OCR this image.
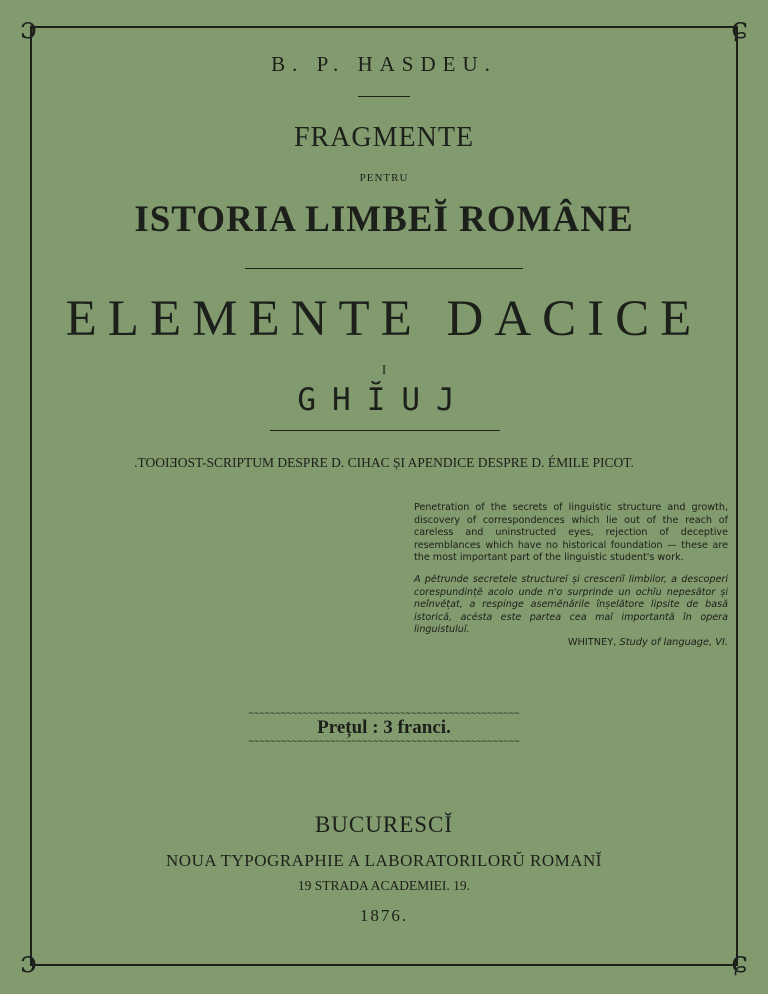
ɔ	ɕ
ɔ	ɕ
B. P. HASDEU.
FRAGMENTE
PENTRU
ISTORIA LIMBEĬ ROMÂNE
ELEMENTE DACICE
I
GHĬUJ
.TOOIƎOST-SCRIPTUM DESPRE D. CIHAC ȘI APENDICE DESPRE D. ÉMILE PICOT.
Penetration of the secrets of linguistic structure and growth, discovery of correspondences which lie out of the reach of careless and uninstructed eyes, rejection of deceptive resemblances which have no historical foundation — these are the most important part of the linguistic student's work.
A pĕtrunde secretele structureĭ și cresceriĭ limbilor, a descoperi corespundințĕ acolo unde n'o surprinde un ochĭu nepesător și neînvĕțat, a respinge asemĕnările înșelătore lipsite de basă istorică, acésta este partea cea maĭ importantă în opera linguistuluĭ.
WHITNEY, Study of language, VI.
~~~~~~~~~~~~~~~~~~~~~~~~~~~~~~~~~~~~~~~~~~~~~~~~~~
Prețul : 3 franci.
~~~~~~~~~~~~~~~~~~~~~~~~~~~~~~~~~~~~~~~~~~~~~~~~~~
BUCURESCĬ
NOUA TYPOGRAPHIE A LABORATORILORŬ ROMANĬ
19 STRADA ACADEMIEI. 19.
1876.
